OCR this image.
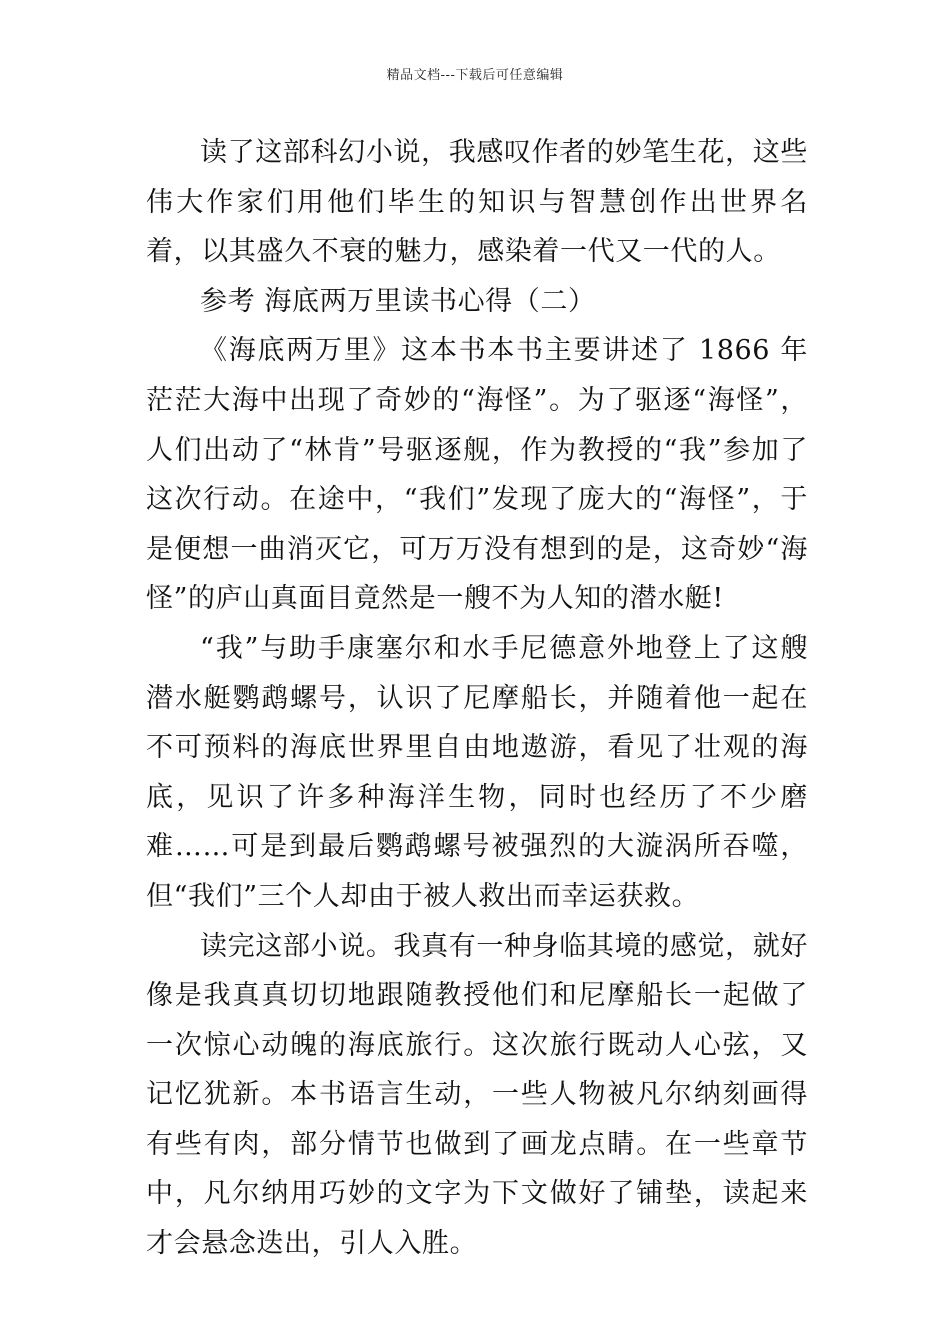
精品文档---下载后可任意编辑

读了这部科幻小说，我感叹作者的妙笔生花，这些伟大作家们用他们毕生的知识与智慧创作出世界名着，以其盛久不衰的魅力，感染着一代又一代的人。

参考 海底两万里读书心得（二）

《海底两万里》这本书本书主要讲述了 1866 年茫茫大海中出现了奇妙的“海怪”。为了驱逐“海怪”，人们出动了“林肯”号驱逐舰，作为教授的“我”参加了这次行动。在途中，“我们”发现了庞大的“海怪”，于是便想一曲消灭它，可万万没有想到的是，这奇妙“海怪”的庐山真面目竟然是一艘不为人知的潜水艇!

“我”与助手康塞尔和水手尼德意外地登上了这艘潜水艇鹦鹉螺号，认识了尼摩船长，并随着他一起在不可预料的海底世界里自由地遨游，看见了壮观的海底，见识了许多种海洋生物，同时也经历了不少磨难……可是到最后鹦鹉螺号被强烈的大漩涡所吞噬，但“我们”三个人却由于被人救出而幸运获救。

读完这部小说。我真有一种身临其境的感觉，就好像是我真真切切地跟随教授他们和尼摩船长一起做了一次惊心动魄的海底旅行。这次旅行既动人心弦，又记忆犹新。本书语言生动，一些人物被凡尔纳刻画得有些有肉，部分情节也做到了画龙点睛。在一些章节中，凡尔纳用巧妙的文字为下文做好了铺垫，读起来才会悬念迭出，引人入胜。
